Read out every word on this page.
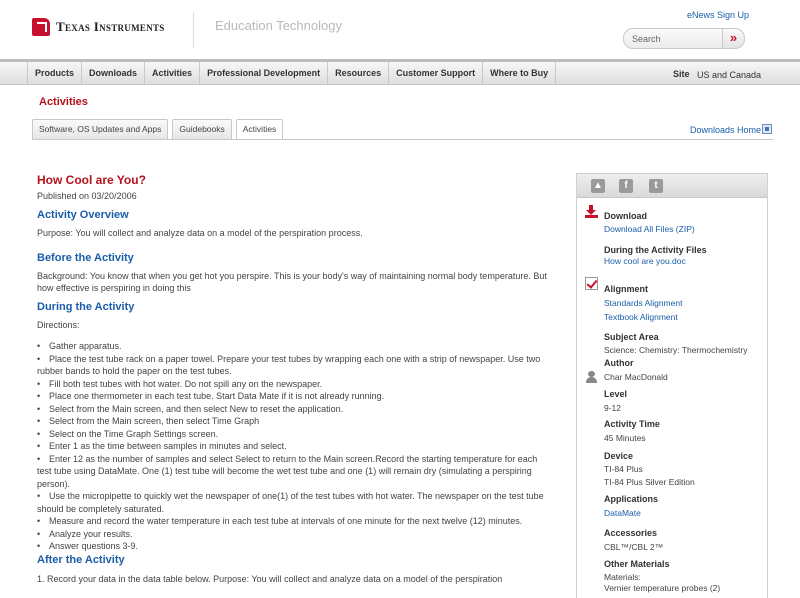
Texas Instruments	Education Technology
eNews Sign Up
Search	»
Products	Downloads	Activities	Professional Development	Resources	Customer Support	Where to Buy	Site US and Canada
Activities
Software, OS Updates and Apps	Guidebooks	Activities	Downloads Home
How Cool are You?
Published on 03/20/2006
Activity Overview
Purpose: You will collect and analyze data on a model of the perspiration process.
Before the Activity
Background: You know that when you get hot you perspire. This is your body's way of maintaining normal body temperature. But how effective is perspiring in doing this
During the Activity
Directions:
• Gather apparatus.
• Place the test tube rack on a paper towel. Prepare your test tubes by wrapping each one with a strip of newspaper. Use two rubber bands to hold the paper on the test tubes.
• Fill both test tubes with hot water. Do not spill any on the newspaper.
• Place one thermometer in each test tube. Start Data Mate if it is not already running.
• Select from the Main screen, and then select New to reset the application.
• Select from the Main screen, then select Time Graph
• Select on the Time Graph Settings screen.
• Enter 1 as the time between samples in minutes and select.
• Enter 12 as the number of samples and select Select to return to the Main screen.Record the starting temperature for each test tube using DataMate. One (1) test tube will become the wet test tube and one (1) will remain dry (simulating a perspiring person).
• Use the micropipette to quickly wet the newspaper of one(1) of the test tubes with hot water. The newspaper on the test tube should be completely saturated.
• Measure and record the water temperature in each test tube at intervals of one minute for the next twelve (12) minutes.
• Analyze your results.
• Answer questions 3-9.
After the Activity
1. Record your data in the data table below. Purpose: You will collect and analyze data on a model of the perspiration
▲	f	t
Download
Download All Files (ZIP)
During the Activity Files
How cool are you.doc
Alignment
Standards Alignment
Textbook Alignment
Subject Area
Science: Chemistry: Thermochemistry
Author
Char MacDonald
Level
9-12
Activity Time
45 Minutes
Device
TI-84 Plus
TI-84 Plus Silver Edition
Applications
DataMate
Accessories
CBL™/CBL 2™
Other Materials
Materials:
Vernier temperature probes (2)
